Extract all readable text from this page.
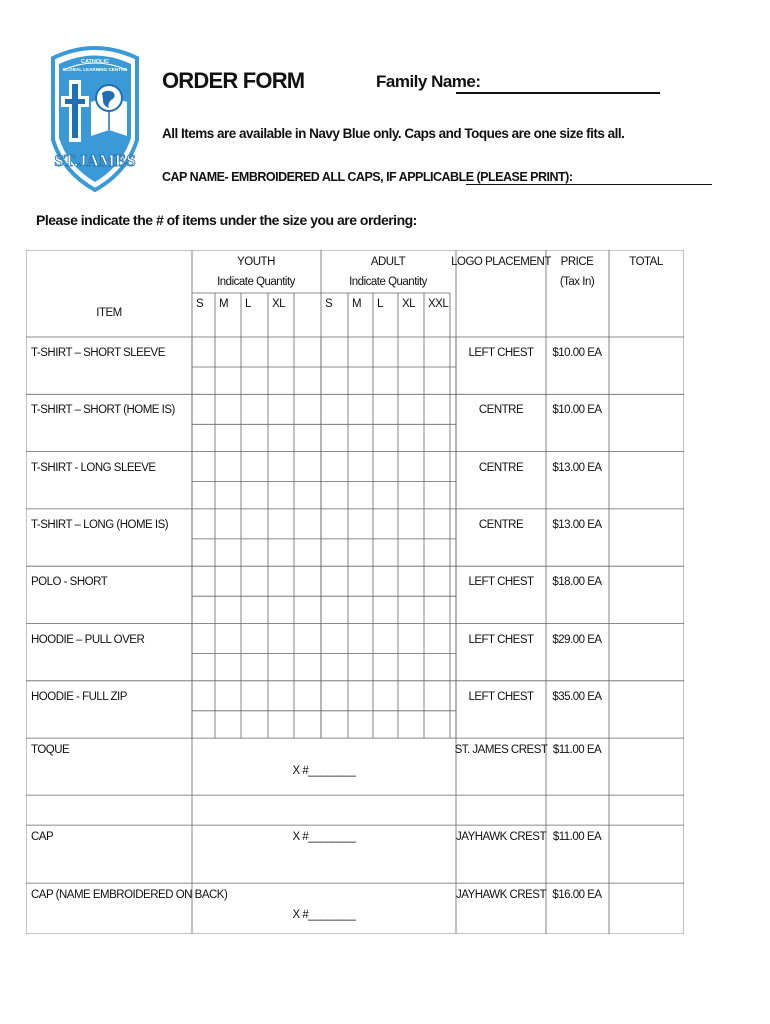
CATHOLIC
GLOBAL LEARNING CENTRE
ST.JAMES
ORDER FORM	Family Name:
All Items are available in Navy Blue only. Caps and Toques are one size fits all.
CAP NAME- EMBROIDERED ALL CAPS, IF APPLICABLE (PLEASE PRINT):
Please indicate the # of items under the size you are ordering:
ITEM
YOUTH
Indicate Quantity
ADULT
Indicate Quantity
LOGO PLACEMENT PRICE
(Tax In)
TOTAL
S M L XL	S M L XL XXL
T-SHIRT – SHORT SLEEVE	LEFT CHEST $10.00 EA
T-SHIRT – SHORT (HOME IS)	CENTRE	$10.00 EA
T-SHIRT - LONG SLEEVE	CENTRE	$13.00 EA
T-SHIRT – LONG (HOME IS)	CENTRE	$13.00 EA
POLO - SHORT	LEFT CHEST $18.00 EA
HOODIE – PULL OVER	LEFT CHEST $29.00 EA
HOODIE - FULL ZIP	LEFT CHEST $35.00 EA
TOQUE	ST. JAMES CREST $11.00 EA
X #________
CAP	JAYHAWK CREST $11.00 EA
X #________
CAP (NAME EMBROIDERED ON BACK)	JAYHAWK CREST $16.00 EA
X #________
